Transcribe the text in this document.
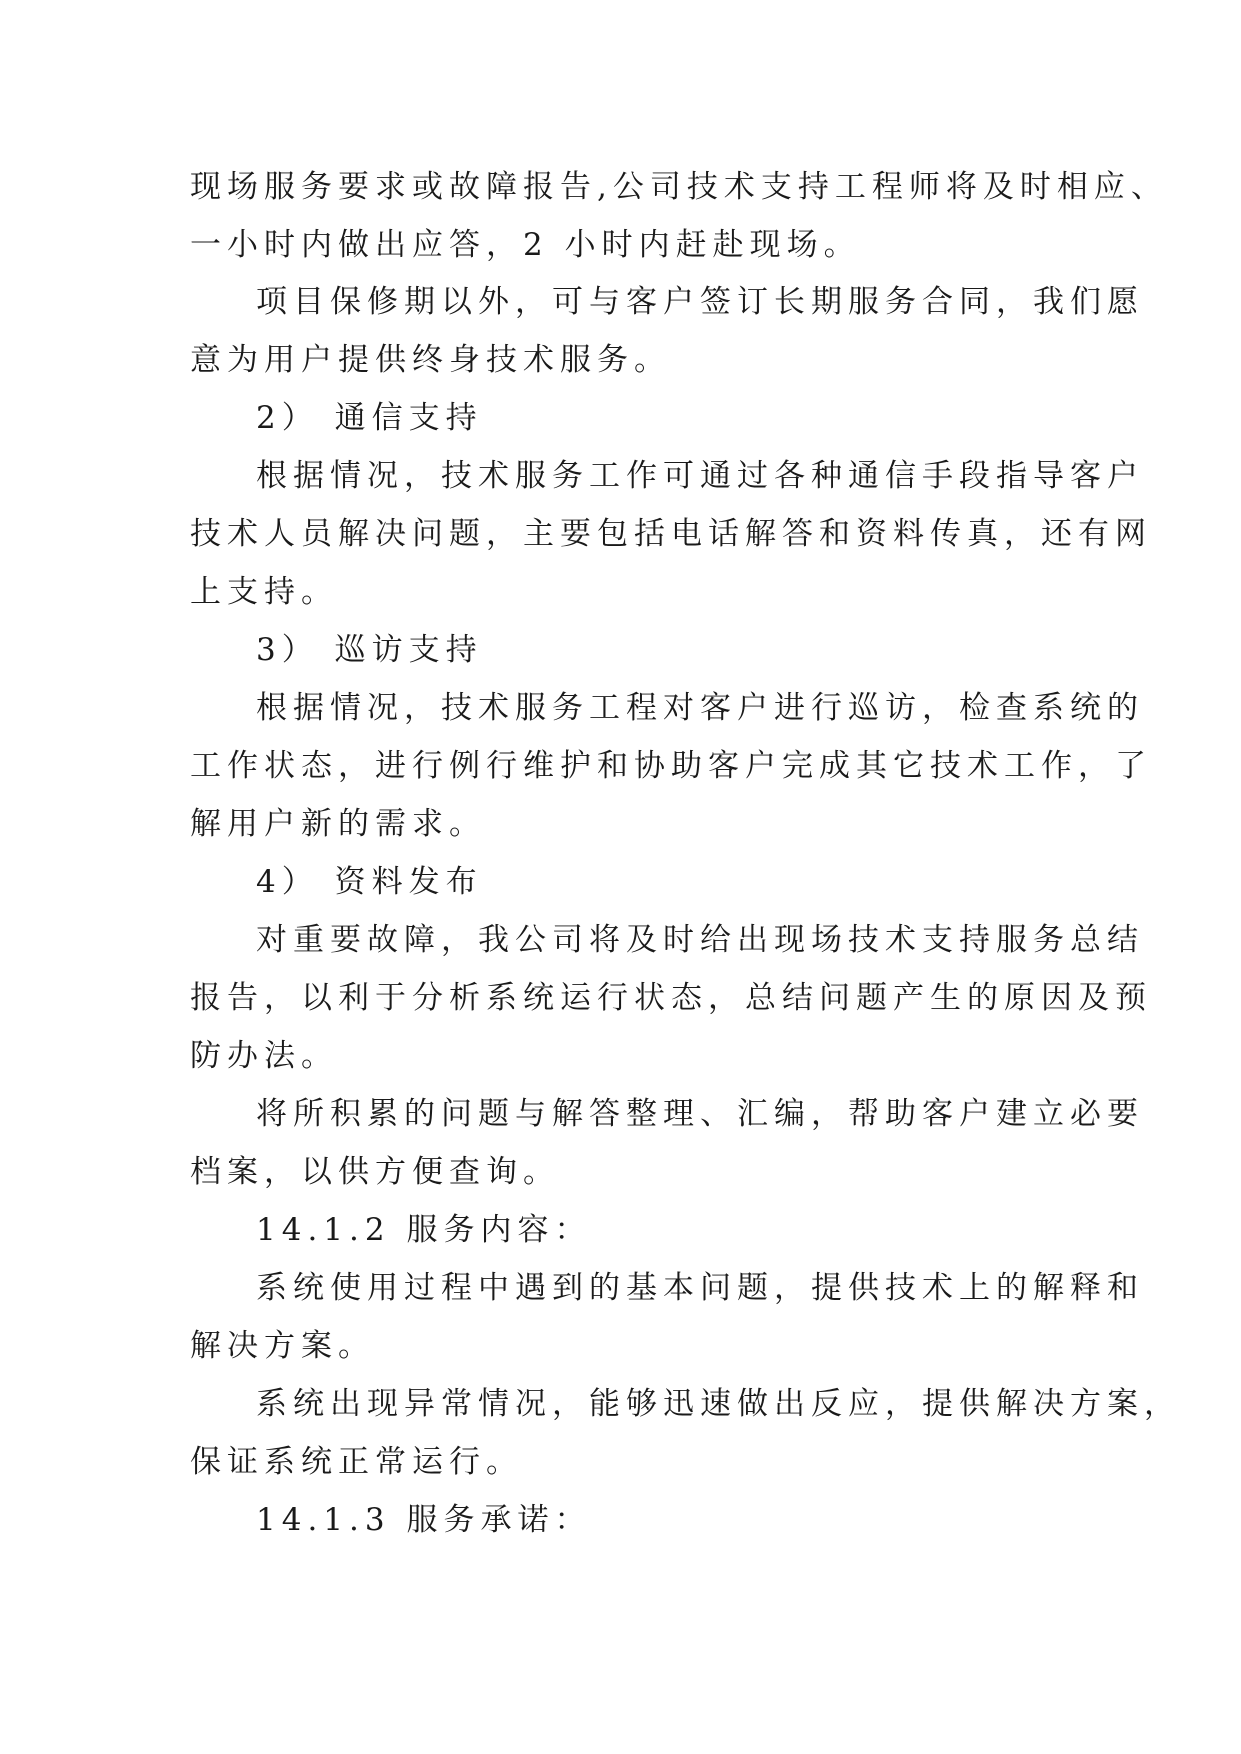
现场服务要求或故障报告,公司技术支持工程师将及时相应、
一小时内做出应答，2 小时内赶赴现场。
项目保修期以外，可与客户签订长期服务合同，我们愿
意为用户提供终身技术服务。
2） 通信支持
根据情况，技术服务工作可通过各种通信手段指导客户
技术人员解决问题，主要包括电话解答和资料传真，还有网
上支持。
3） 巡访支持
根据情况，技术服务工程对客户进行巡访，检查系统的
工作状态，进行例行维护和协助客户完成其它技术工作，了
解用户新的需求。
4） 资料发布
对重要故障，我公司将及时给出现场技术支持服务总结
报告，以利于分析系统运行状态，总结问题产生的原因及预
防办法。
将所积累的问题与解答整理、汇编，帮助客户建立必要
档案，以供方便查询。
14.1.2 服务内容：
系统使用过程中遇到的基本问题，提供技术上的解释和
解决方案。
系统出现异常情况，能够迅速做出反应，提供解决方案，
保证系统正常运行。
14.1.3 服务承诺：
